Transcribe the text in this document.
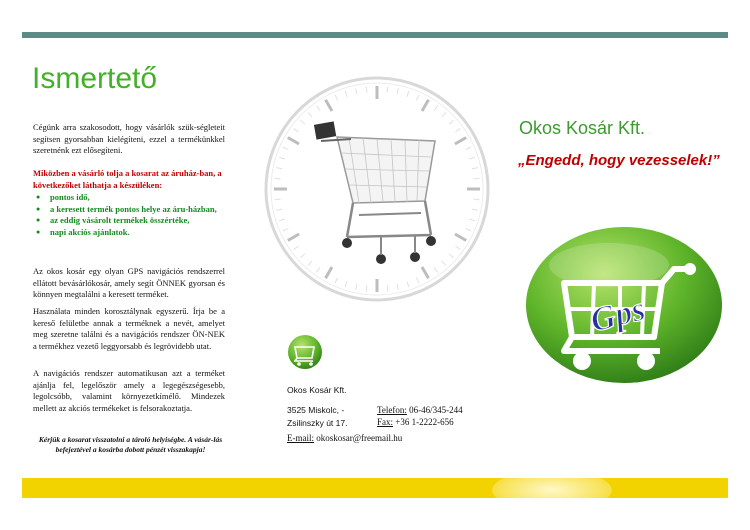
Ismertető

Cégünk arra szakosodott, hogy vásárlók szük-ségleteit segítsen gyorsabban kielégíteni, ezzel a termékünkkel szeretnénk ezt elősegíteni.

Miközben a vásárló tolja a kosarat az áruház-ban, a következőket láthatja a készüléken:

● pontos idő,
● a keresett termék pontos helye az áru-házban,
● az eddig vásárolt termékek összértéke,
● napi akciós ajánlatok.

Az okos kosár egy olyan GPS navigációs rendszerrel ellátott bevásárlókosár, amely segít ÖNNEK gyorsan és könnyen megtalálni a keresett terméket.

Használata minden korosztálynak egyszerű. Írja be a kereső felületbe annak a terméknek a nevét, amelyet meg szeretne találni és a navigációs rendszer ÖN-NEK a termékhez vezető leggyorsabb és legrövidebb utat.

A navigációs rendszer automatikusan azt a terméket ajánlja fel, legelőször amely a legegészségesebb, legolcsóbb, valamint környezetkímélő. Mindezek mellett az akciós termékeket is felsorakoztatja.

Kérjük a kosarat visszatolni a tároló helyiségbe. A vásár-lás befejeztével a kosárba dobott pénzét visszakapja!

Okos Kosár Kft.

„Engedd, hogy vezesselek!”

Gps

Okos Kosár Kft.

3525 Miskolc, -

Zsilinszky út 17.

Telefon: 06-46/345-244

Fax: +36 1-2222-656

E-mail: okoskosar@freemail.hu
